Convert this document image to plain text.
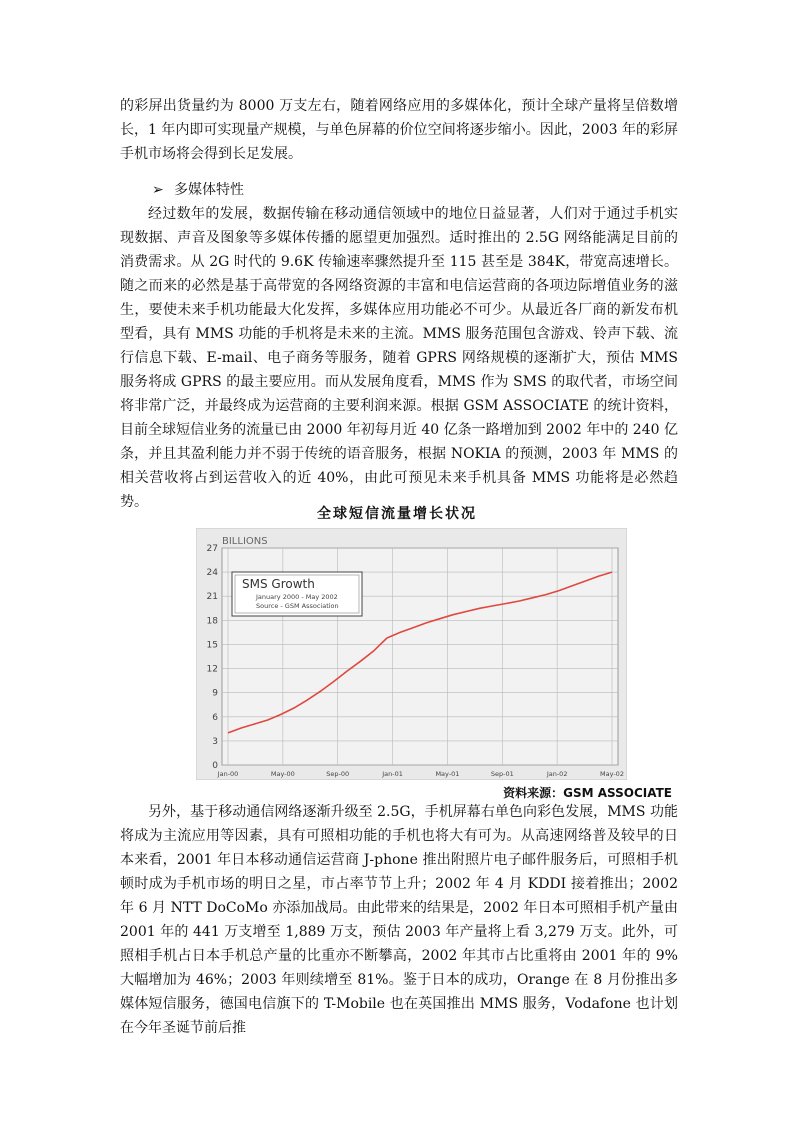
的彩屏出货量约为 8000 万支左右，随着网络应用的多媒体化，预计全球产量将呈倍数增长，1 年内即可实现量产规模，与单色屏幕的价位空间将逐步缩小。因此，2003 年的彩屏手机市场将会得到长足发展。
➢ 多媒体特性
经过数年的发展，数据传输在移动通信领域中的地位日益显著，人们对于通过手机实现数据、声音及图象等多媒体传播的愿望更加强烈。适时推出的 2.5G 网络能满足目前的消费需求。从 2G 时代的 9.6K 传输速率骤然提升至 115 甚至是 384K，带宽高速增长。随之而来的必然是基于高带宽的各网络资源的丰富和电信运营商的各项边际增值业务的滋生，要使未来手机功能最大化发挥，多媒体应用功能必不可少。从最近各厂商的新发布机型看，具有 MMS 功能的手机将是未来的主流。MMS 服务范围包含游戏、铃声下载、流行信息下载、E-mail、电子商务等服务，随着 GPRS 网络规模的逐渐扩大，预估 MMS 服务将成 GPRS 的最主要应用。而从发展角度看，MMS 作为 SMS 的取代者，市场空间将非常广泛，并最终成为运营商的主要利润来源。根据 GSM ASSOCIATE 的统计资料，目前全球短信业务的流量已由 2000 年初每月近 40 亿条一路增加到 2002 年中的 240 亿条，并且其盈利能力并不弱于传统的语音服务，根据 NOKIA 的预测，2003 年 MMS 的相关营收将占到运营收入的近 40%，由此可预见未来手机具备 MMS 功能将是必然趋势。
全球短信流量增长状况
0
3
6
9
12
15
18
21
24
27
Jan-00	May-00	Sep-00	Jan-01	May-01	Sep-01	Jan-02	May-02
BILLIONS
SMS Growth
January 2000 - May 2002
Source - GSM Association
资料来源：GSM ASSOCIATE
另外，基于移动通信网络逐渐升级至 2.5G，手机屏幕右单色向彩色发展，MMS 功能将成为主流应用等因素，具有可照相功能的手机也将大有可为。从高速网络普及较早的日本来看，2001 年日本移动通信运营商 J-phone 推出附照片电子邮件服务后，可照相手机顿时成为手机市场的明日之星，市占率节节上升；2002 年 4 月 KDDI 接着推出；2002 年 6 月 NTT DoCoMo 亦添加战局。由此带来的结果是，2002 年日本可照相手机产量由 2001 年的 441 万支增至 1,889 万支，预估 2003 年产量将上看 3,279 万支。此外，可照相手机占日本手机总产量的比重亦不断攀高，2002 年其市占比重将由 2001 年的 9%大幅增加为 46%；2003 年则续增至 81%。鉴于日本的成功，Orange 在 8 月份推出多媒体短信服务，德国电信旗下的 T-Mobile 也在英国推出 MMS 服务，Vodafone 也计划在今年圣诞节前后推
